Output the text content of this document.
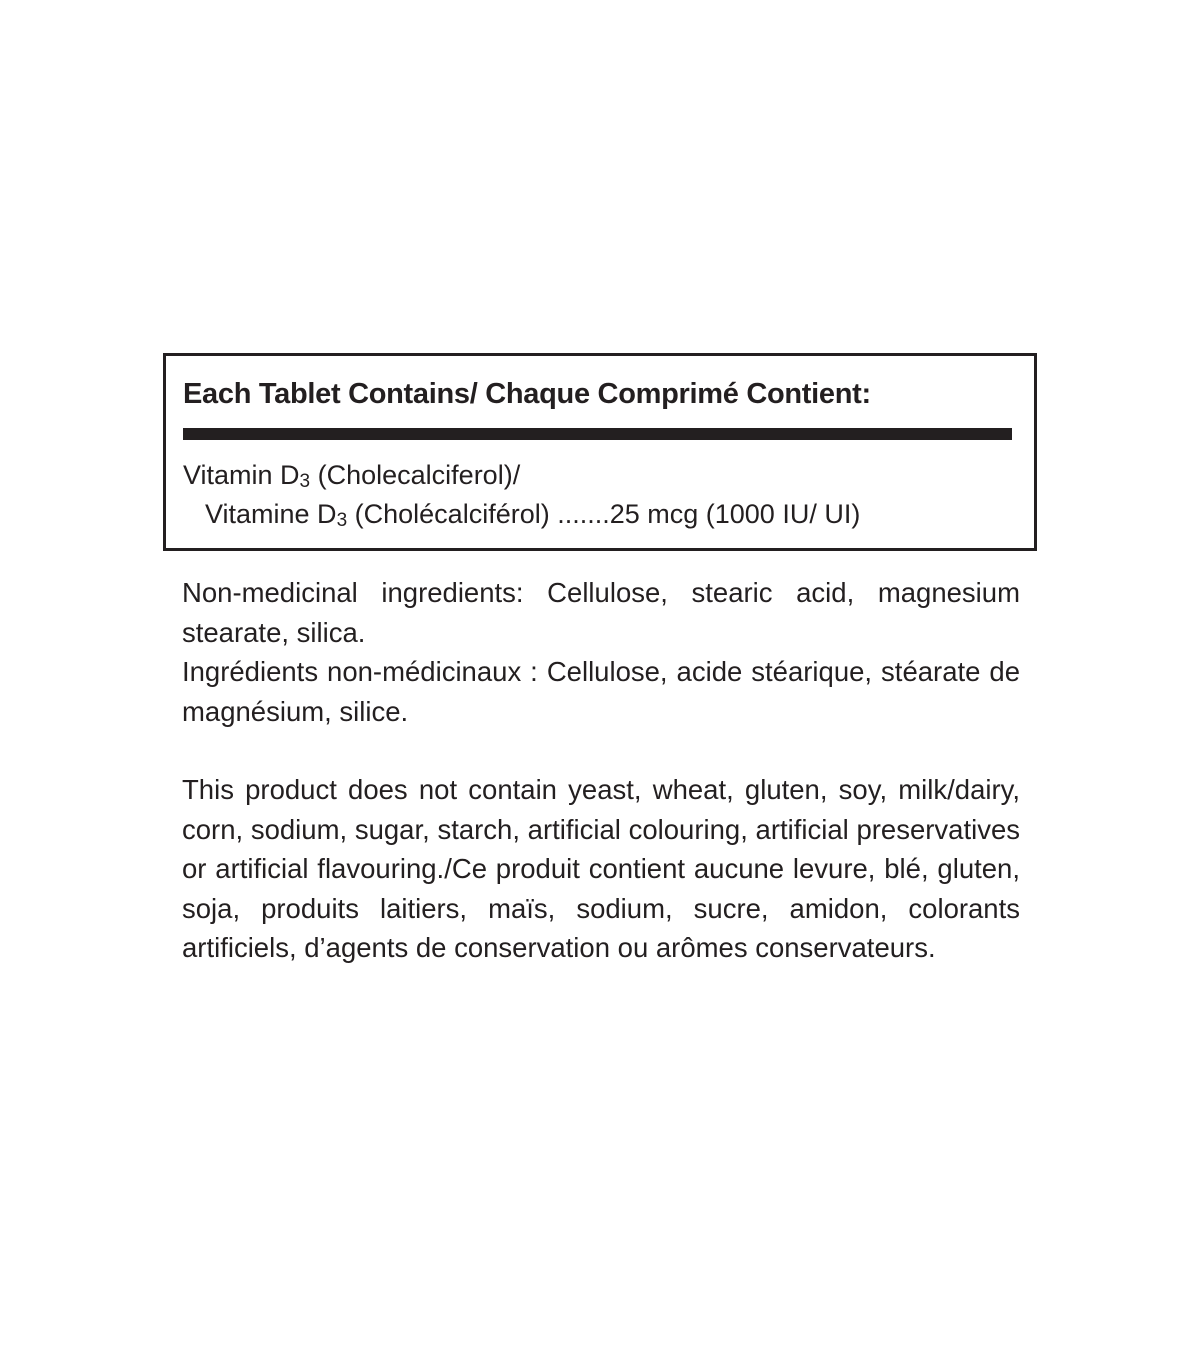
Each Tablet Contains/ Chaque Comprimé Contient:
Vitamin D3 (Cholecalciferol)/
Vitamine D3 (Cholécalciférol) .......25 mcg (1000 IU/ UI)

Non-medicinal ingredients: Cellulose, stearic acid, magnesium stearate, silica.

Ingrédients non-médicinaux : Cellulose, acide stéarique, stéarate de magnésium, silice.

This product does not contain yeast, wheat, gluten, soy, milk/dairy, corn, sodium, sugar, starch, artificial colouring, artificial preservatives or artificial flavouring./Ce produit contient aucune levure, blé, gluten, soja, produits laitiers, maïs, sodium, sucre, amidon, colorants artificiels, d’agents de conservation ou arômes conservateurs.
